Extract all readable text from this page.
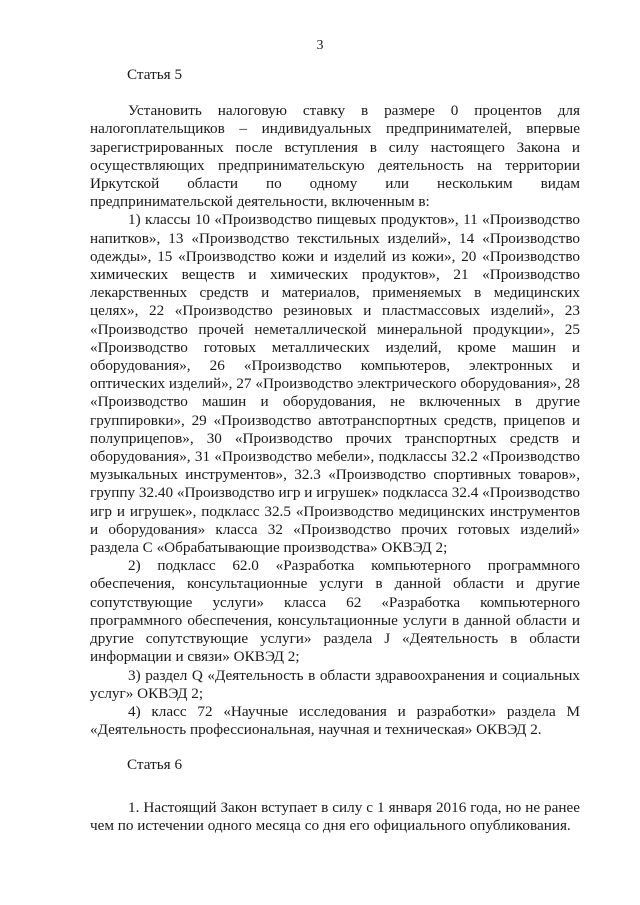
3
Статья 5

Установить налоговую ставку в размере 0 процентов для налогоплательщиков – индивидуальных предпринимателей, впервые зарегистрированных после вступления в силу настоящего Закона и осуществляющих предпринимательскую деятельность на территории Иркутской области по одному или нескольким видам предпринимательской деятельности, включенным в:

1) классы 10 «Производство пищевых продуктов», 11 «Производство напитков», 13 «Производство текстильных изделий», 14 «Производство одежды», 15 «Производство кожи и изделий из кожи», 20 «Производство химических веществ и химических продуктов», 21 «Производство лекарственных средств и материалов, применяемых в медицинских целях», 22 «Производство резиновых и пластмассовых изделий», 23 «Производство прочей неметаллической минеральной продукции», 25 «Производство готовых металлических изделий, кроме машин и оборудования», 26 «Производство компьютеров, электронных и оптических изделий», 27 «Производство электрического оборудования», 28 «Производство машин и оборудования, не включенных в другие группировки», 29 «Производство автотранспортных средств, прицепов и полуприцепов», 30 «Производство прочих транспортных средств и оборудования», 31 «Производство мебели», подклассы 32.2 «Производство музыкальных инструментов», 32.3 «Производство спортивных товаров», группу 32.40 «Производство игр и игрушек» подкласса 32.4 «Производство игр и игрушек», подкласс 32.5 «Производство медицинских инструментов и оборудования» класса 32 «Производство прочих готовых изделий» раздела C «Обрабатывающие производства» ОКВЭД 2;

2) подкласс 62.0 «Разработка компьютерного программного обеспечения, консультационные услуги в данной области и другие сопутствующие услуги» класса 62 «Разработка компьютерного программного обеспечения, консультационные услуги в данной области и другие сопутствующие услуги» раздела J «Деятельность в области информации и связи» ОКВЭД 2;

3) раздел Q «Деятельность в области здравоохранения и социальных услуг» ОКВЭД 2;

4) класс 72 «Научные исследования и разработки» раздела M «Деятельность профессиональная, научная и техническая» ОКВЭД 2.

Статья 6

1. Настоящий Закон вступает в силу с 1 января 2016 года, но не ранее чем по истечении одного месяца со дня его официального опубликования.
